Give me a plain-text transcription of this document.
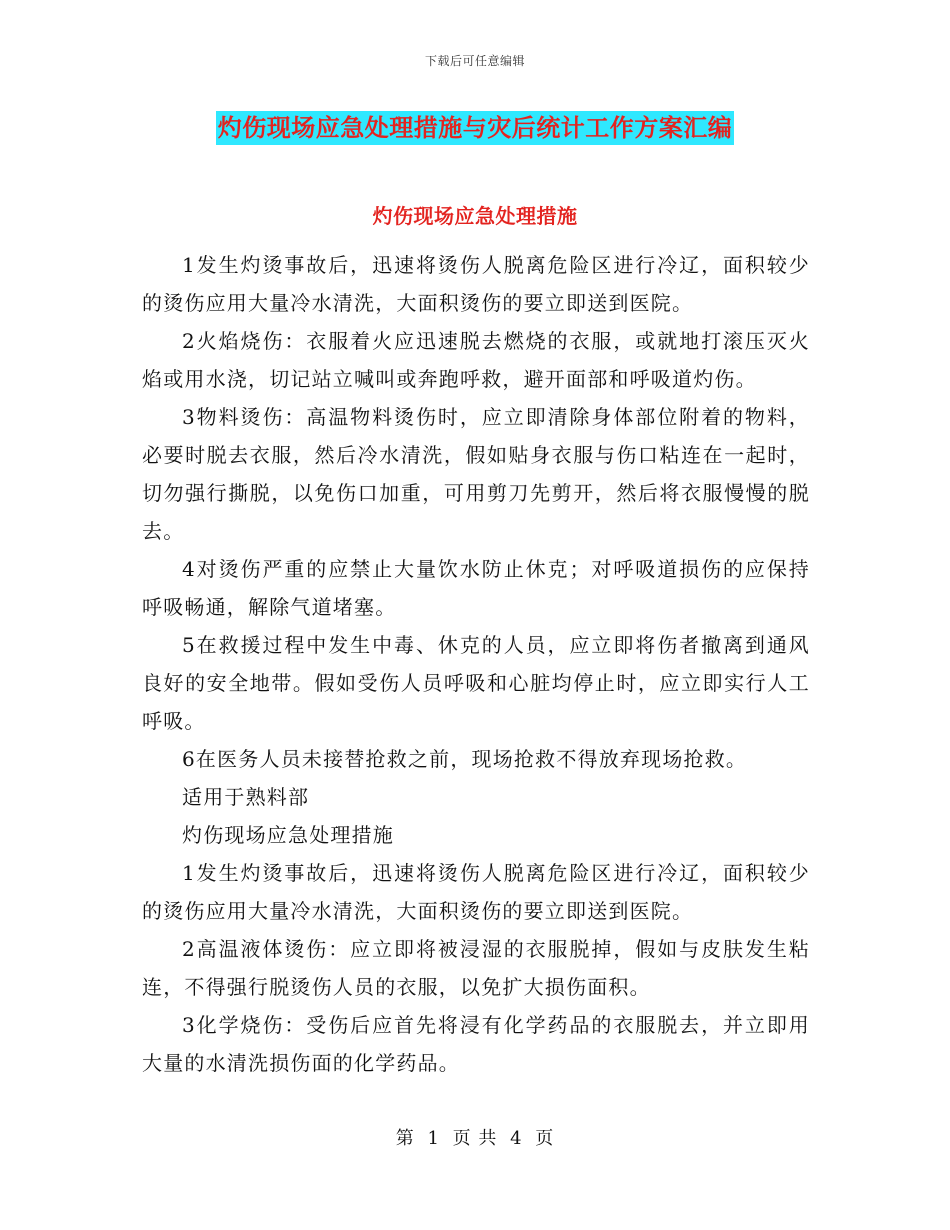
下载后可任意编辑
灼伤现场应急处理措施与灾后统计工作方案汇编
灼伤现场应急处理措施

1发生灼烫事故后，迅速将烫伤人脱离危险区进行冷辽，面积较少的烫伤应用大量冷水清洗，大面积烫伤的要立即送到医院。

2火焰烧伤：衣服着火应迅速脱去燃烧的衣服，或就地打滚压灭火焰或用水浇，切记站立喊叫或奔跑呼救，避开面部和呼吸道灼伤。

3物料烫伤：高温物料烫伤时，应立即清除身体部位附着的物料，必要时脱去衣服，然后冷水清洗，假如贴身衣服与伤口粘连在一起时，切勿强行撕脱，以免伤口加重，可用剪刀先剪开，然后将衣服慢慢的脱去。

4对烫伤严重的应禁止大量饮水防止休克；对呼吸道损伤的应保持呼吸畅通，解除气道堵塞。

5在救援过程中发生中毒、休克的人员，应立即将伤者撤离到通风良好的安全地带。假如受伤人员呼吸和心脏均停止时，应立即实行人工呼吸。

6在医务人员未接替抢救之前，现场抢救不得放弃现场抢救。

适用于熟料部

灼伤现场应急处理措施

1发生灼烫事故后，迅速将烫伤人脱离危险区进行冷辽，面积较少的烫伤应用大量冷水清洗，大面积烫伤的要立即送到医院。

2高温液体烫伤：应立即将被浸湿的衣服脱掉，假如与皮肤发生粘连，不得强行脱烫伤人员的衣服，以免扩大损伤面积。

3化学烧伤：受伤后应首先将浸有化学药品的衣服脱去，并立即用大量的水清洗损伤面的化学药品。

第 1 页 共 4 页
